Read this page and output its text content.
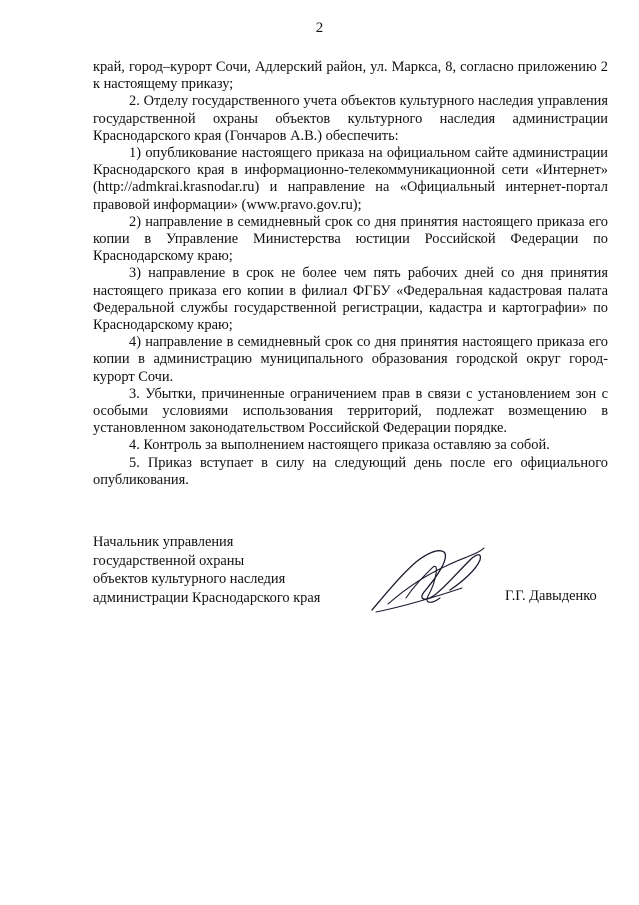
2

край, город–курорт Сочи, Адлерский район, ул. Маркса, 8, согласно приложению 2 к настоящему приказу;

2. Отделу государственного учета объектов культурного наследия управления государственной охраны объектов культурного наследия администрации Краснодарского края (Гончаров А.В.) обеспечить:

1) опубликование настоящего приказа на официальном сайте администрации Краснодарского края в информационно-телекоммуникационной сети «Интернет» (http://admkrai.krasnodar.ru) и направление на «Официальный интернет-портал правовой информации» (www.pravo.gov.ru);

2) направление в семидневный срок со дня принятия настоящего приказа его копии в Управление Министерства юстиции Российской Федерации по Краснодарскому краю;

3) направление в срок не более чем пять рабочих дней со дня принятия настоящего приказа его копии в филиал ФГБУ «Федеральная кадастровая палата Федеральной службы государственной регистрации, кадастра и картографии» по Краснодарскому краю;

4) направление в семидневный срок со дня принятия настоящего приказа его копии в администрацию муниципального образования городской округ город-курорт Сочи.

3. Убытки, причиненные ограничением прав в связи с установлением зон с особыми условиями использования территорий, подлежат возмещению в установленном законодательством Российской Федерации порядке.

4. Контроль за выполнением настоящего приказа оставляю за собой.

5. Приказ вступает в силу на следующий день после его официального опубликования.

Начальник управления
государственной охраны
объектов культурного наследия
администрации Краснодарского края	Г.Г. Давыденко
